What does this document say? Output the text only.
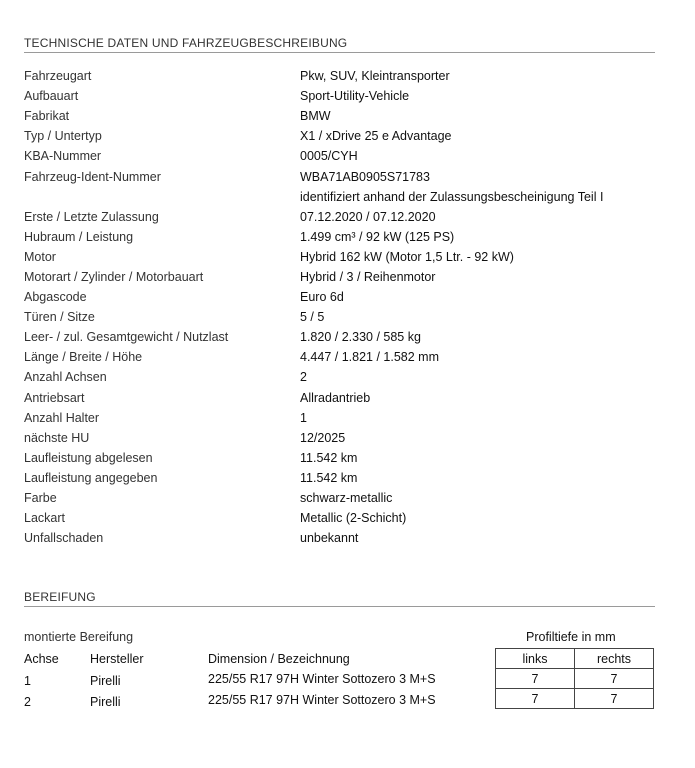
TECHNISCHE DATEN UND FAHRZEUGBESCHREIBUNG
Fahrzeugart	Pkw, SUV, Kleintransporter
Aufbauart	Sport-Utility-Vehicle
Fabrikat	BMW
Typ / Untertyp	X1 / xDrive 25 e Advantage
KBA-Nummer	0005/CYH
Fahrzeug-Ident-Nummer	WBA71AB0905S71783
identifiziert anhand der Zulassungsbescheinigung Teil I
Erste / Letzte Zulassung	07.12.2020 / 07.12.2020
Hubraum / Leistung	1.499 cm³ / 92 kW (125 PS)
Motor	Hybrid 162 kW (Motor 1,5 Ltr. - 92 kW)
Motorart / Zylinder / Motorbauart	Hybrid / 3 / Reihenmotor
Abgascode	Euro 6d
Türen / Sitze	5 / 5
Leer- / zul. Gesamtgewicht / Nutzlast	1.820 / 2.330 / 585 kg
Länge / Breite / Höhe	4.447 / 1.821 / 1.582 mm
Anzahl Achsen	2
Antriebsart	Allradantrieb
Anzahl Halter	1
nächste HU	12/2025
Laufleistung abgelesen	11.542 km
Laufleistung angegeben	11.542 km
Farbe	schwarz-metallic
Lackart	Metallic (2-Schicht)
Unfallschaden	unbekannt
BEREIFUNG
montierte Bereifung
Achse	Hersteller	Dimension / Bezeichnung
1	Pirelli	225/55 R17 97H Winter Sottozero 3 M+S
2	Pirelli	225/55 R17 97H Winter Sottozero 3 M+S
Profiltiefe in mm
links	rechts
7	7
7	7
